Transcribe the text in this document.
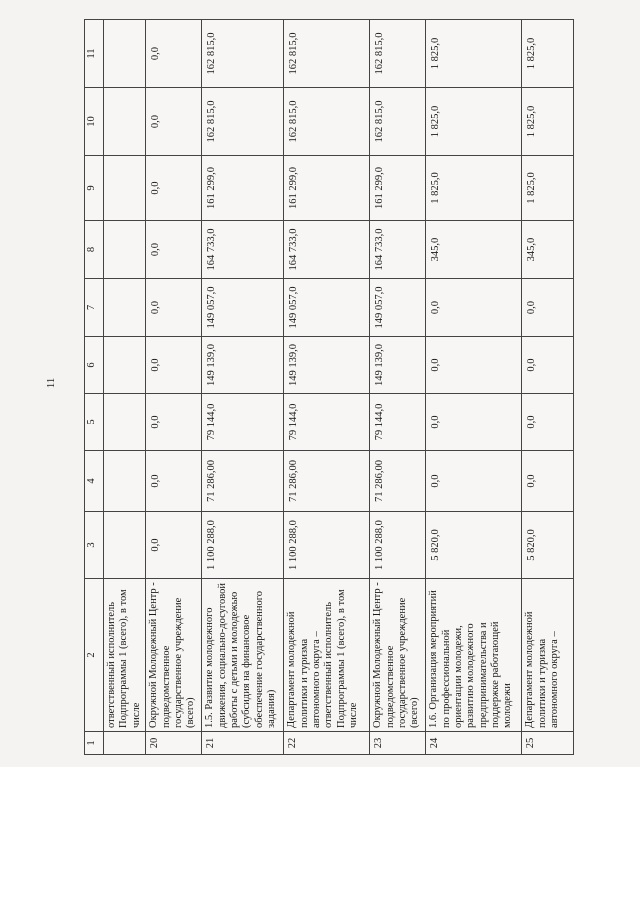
11
1	2	3	4	5	6	7	8	9	10	11
	ответственный исполнитель Подпрограммы 1 (всего), в том числе									
20	Окружной Молодежный Центр - подведомственное государственное учреждение (всего)	0,0	0,0	0,0	0,0	0,0	0,0	0,0	0,0	0,0
21	1.5. Развитие молодежного движения, социально-досуговой работы с детьми и молодежью (субсидия на финансовое обеспечение государственного задания)	1 100 288,0	71 286,00	79 144,0	149 139,0	149 057,0	164 733,0	161 299,0	162 815,0	162 815,0
22	Департамент молодежной политики и туризма автономного округа – ответственный исполнитель Подпрограммы 1 (всего), в том числе	1 100 288,0	71 286,00	79 144,0	149 139,0	149 057,0	164 733,0	161 299,0	162 815,0	162 815,0
23	Окружной Молодежный Центр - подведомственное государственное учреждение (всего)	1 100 288,0	71 286,00	79 144,0	149 139,0	149 057,0	164 733,0	161 299,0	162 815,0	162 815,0
24	1.6. Организация мероприятий по профессиональной ориентации молодежи, развитию молодежного предпринимательства и поддержке работающей молодежи	5 820,0	0,0	0,0	0,0	0,0	345,0	1 825,0	1 825,0	1 825,0
25	Департамент молодежной политики и туризма автономного округа –	5 820,0	0,0	0,0	0,0	0,0	345,0	1 825,0	1 825,0	1 825,0
